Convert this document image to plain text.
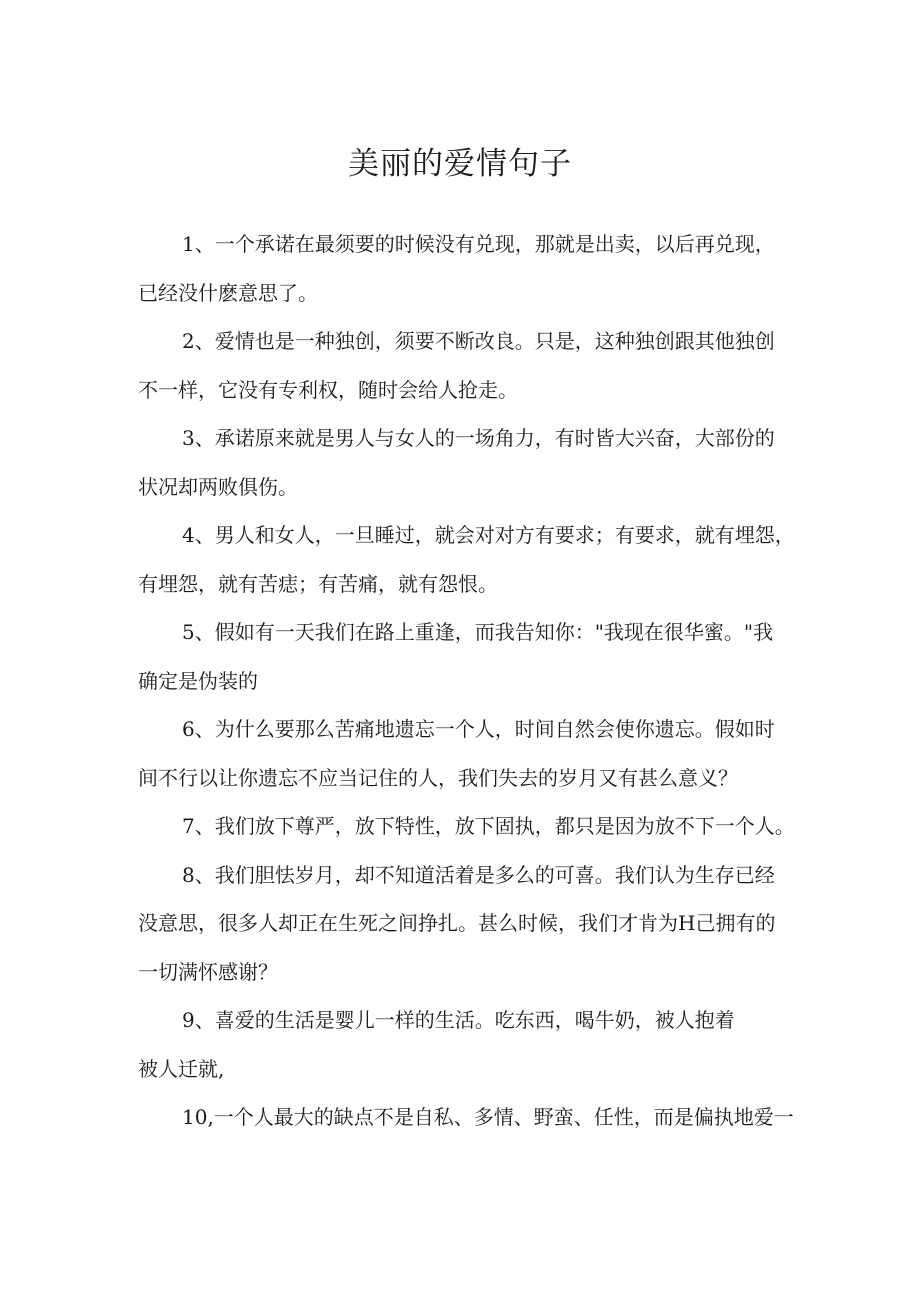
美丽的爱情句子

1、一个承诺在最须要的时候没有兑现，那就是出卖，以后再兑现，
已经没什麽意思了。

2、爱情也是一种独创，须要不断改良。只是，这种独创跟其他独创
不一样，它没有专利权，随时会给人抢走。

3、承诺原来就是男人与女人的一场角力，有时皆大兴奋，大部份的
状况却两败俱伤。

4、男人和女人，一旦睡过，就会对对方有要求；有要求，就有埋怨，
有埋怨，就有苦痣；有苦痛，就有怨恨。

5、假如有一天我们在路上重逢，而我告知你："我现在很华蜜。"我
确定是伪装的

6、为什么要那么苦痛地遗忘一个人，时间自然会使你遗忘。假如时
间不行以让你遗忘不应当记住的人，我们失去的岁月又有甚么意义？

7、我们放下尊严，放下特性，放下固执，都只是因为放不下一个人。

8、我们胆怯岁月，却不知道活着是多么的可喜。我们认为生存已经
没意思，很多人却正在生死之间挣扎。甚么时候，我们才肯为H己拥有的
一切满怀感谢？

9、喜爱的生活是婴儿一样的生活。吃东西，喝牛奶，被人抱着
被人迁就,

10,一个人最大的缺点不是自私、多情、野蛮、任性，而是偏执地爱一
